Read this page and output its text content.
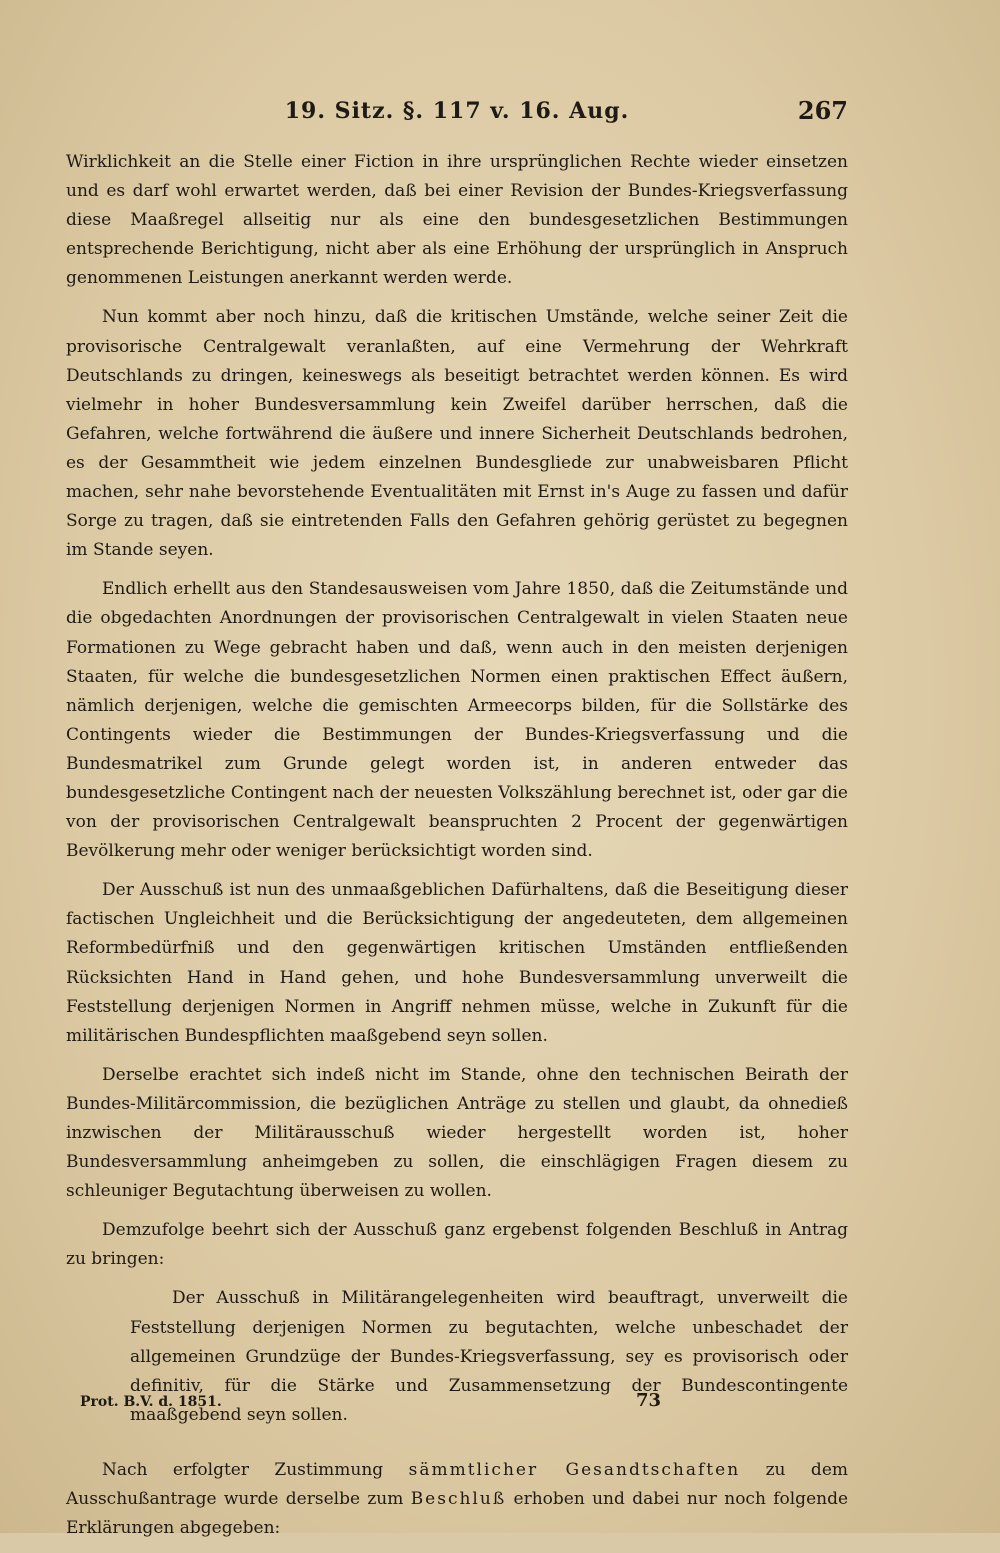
19. Sitz. §. 117 v. 16. Aug.	267

Wirklichkeit an die Stelle einer Fiction in ihre ursprünglichen Rechte wieder einsetzen und es darf wohl erwartet werden, daß bei einer Revision der Bundes-Kriegsverfassung diese Maaßregel allseitig nur als eine den bundesgesetzlichen Bestimmungen entsprechende Berichtigung, nicht aber als eine Erhöhung der ursprünglich in Anspruch genommenen Leistungen anerkannt werden werde.

Nun kommt aber noch hinzu, daß die kritischen Umstände, welche seiner Zeit die provisorische Centralgewalt veranlaßten, auf eine Vermehrung der Wehrkraft Deutschlands zu dringen, keineswegs als beseitigt betrachtet werden können. Es wird vielmehr in hoher Bundesversammlung kein Zweifel darüber herrschen, daß die Gefahren, welche fortwährend die äußere und innere Sicherheit Deutschlands bedrohen, es der Gesammtheit wie jedem einzelnen Bundesgliede zur unabweisbaren Pflicht machen, sehr nahe bevorstehende Eventualitäten mit Ernst in's Auge zu fassen und dafür Sorge zu tragen, daß sie eintretenden Falls den Gefahren gehörig gerüstet zu begegnen im Stande seyen.

Endlich erhellt aus den Standesausweisen vom Jahre 1850, daß die Zeitumstände und die obgedachten Anordnungen der provisorischen Centralgewalt in vielen Staaten neue Formationen zu Wege gebracht haben und daß, wenn auch in den meisten derjenigen Staaten, für welche die bundesgesetzlichen Normen einen praktischen Effect äußern, nämlich derjenigen, welche die gemischten Armeecorps bilden, für die Sollstärke des Contingents wieder die Bestimmungen der Bundes-Kriegsverfassung und die Bundesmatrikel zum Grunde gelegt worden ist, in anderen entweder das bundesgesetzliche Contingent nach der neuesten Volkszählung berechnet ist, oder gar die von der provisorischen Centralgewalt beanspruchten 2 Procent der gegenwärtigen Bevölkerung mehr oder weniger berücksichtigt worden sind.

Der Ausschuß ist nun des unmaaßgeblichen Dafürhaltens, daß die Beseitigung dieser factischen Ungleichheit und die Berücksichtigung der angedeuteten, dem allgemeinen Reformbedürfniß und den gegenwärtigen kritischen Umständen entfließenden Rücksichten Hand in Hand gehen, und hohe Bundesversammlung unverweilt die Feststellung derjenigen Normen in Angriff nehmen müsse, welche in Zukunft für die militärischen Bundespflichten maaßgebend seyn sollen.

Derselbe erachtet sich indeß nicht im Stande, ohne den technischen Beirath der Bundes-Militärcommission, die bezüglichen Anträge zu stellen und glaubt, da ohnedieß inzwischen der Militärausschuß wieder hergestellt worden ist, hoher Bundesversammlung anheimgeben zu sollen, die einschlägigen Fragen diesem zu schleuniger Begutachtung überweisen zu wollen.

Demzufolge beehrt sich der Ausschuß ganz ergebenst folgenden Beschluß in Antrag zu bringen:

Der Ausschuß in Militärangelegenheiten wird beauftragt, unverweilt die Feststellung derjenigen Normen zu begutachten, welche unbeschadet der allgemeinen Grundzüge der Bundes-Kriegsverfassung, sey es provisorisch oder definitiv, für die Stärke und Zusammensetzung der Bundescontingente maaßgebend seyn sollen.

Nach erfolgter Zustimmung sämmtlicher Gesandtschaften zu dem Ausschußantrage wurde derselbe zum Beschluß erhoben und dabei nur noch folgende Erklärungen abgegeben:

Prot. B.V. d. 1851.	73
